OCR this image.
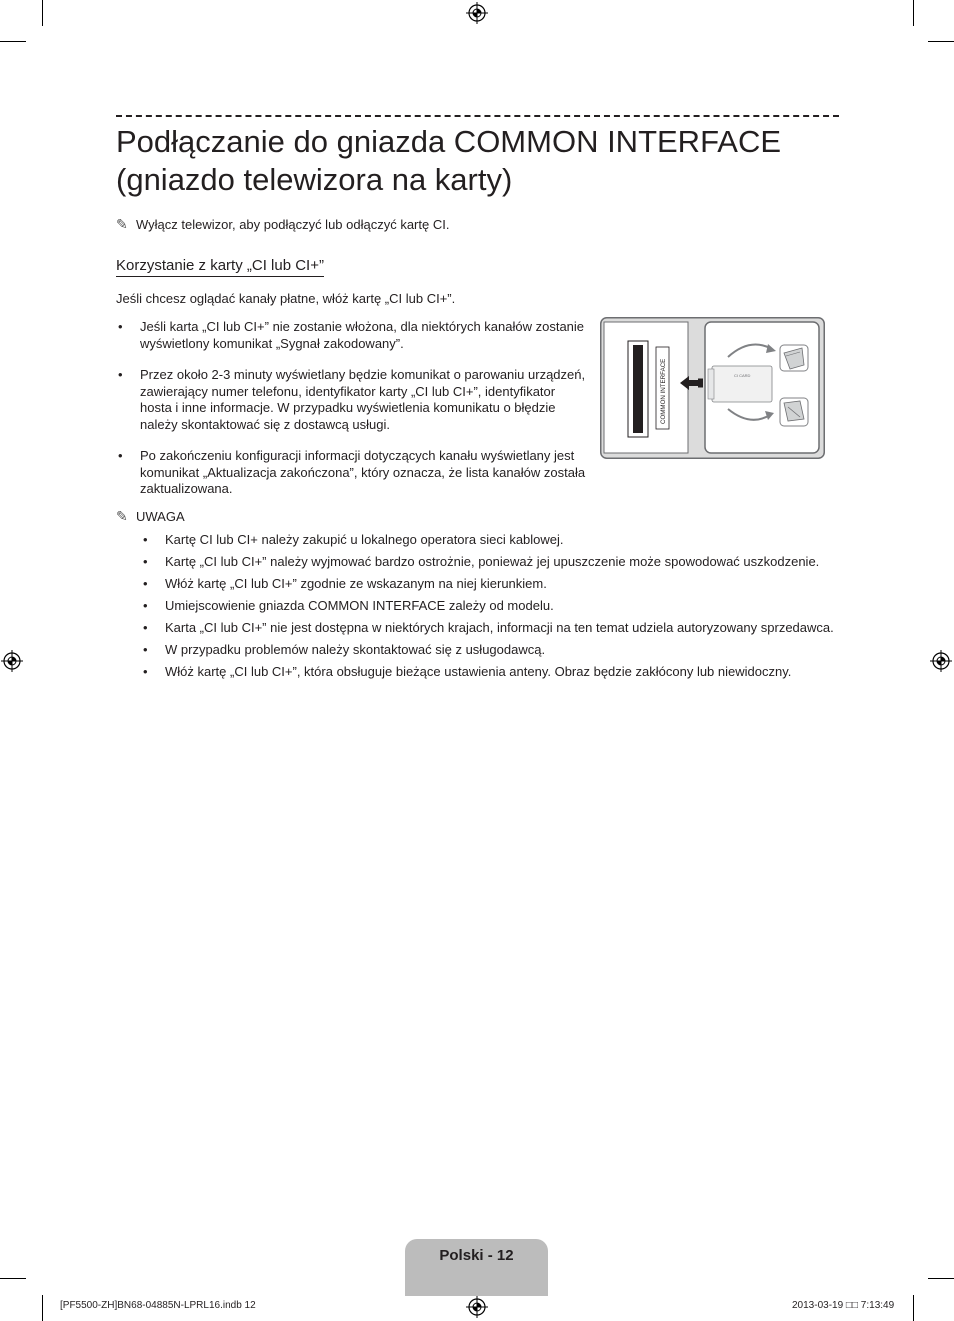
Podłączanie do gniazda COMMON INTERFACE
(gniazdo telewizora na karty)
✎ Wyłącz telewizor, aby podłączyć lub odłączyć kartę CI.
Korzystanie z karty „CI lub CI+”
Jeśli chcesz oglądać kanały płatne, włóż kartę „CI lub CI+”.
• Jeśli karta „CI lub CI+” nie zostanie włożona, dla niektórych kanałów zostanie wyświetlony komunikat „Sygnał zakodowany”.
• Przez około 2-3 minuty wyświetlany będzie komunikat o parowaniu urządzeń, zawierający numer telefonu, identyfikator karty „CI lub CI+”, identyfikator hosta i inne informacje. W przypadku wyświetlenia komunikatu o błędzie należy skontaktować się z dostawcą usługi.
• Po zakończeniu konfiguracji informacji dotyczących kanału wyświetlany jest komunikat „Aktualizacja zakończona”, który oznacza, że lista kanałów została zaktualizowana.
COMMON INTERFACE	CI CARD
✎ UWAGA
• Kartę CI lub CI+ należy zakupić u lokalnego operatora sieci kablowej.
• Kartę „CI lub CI+” należy wyjmować bardzo ostrożnie, ponieważ jej upuszczenie może spowodować uszkodzenie.
• Włóż kartę „CI lub CI+” zgodnie ze wskazanym na niej kierunkiem.
• Umiejscowienie gniazda COMMON INTERFACE zależy od modelu.
• Karta „CI lub CI+” nie jest dostępna w niektórych krajach, informacji na ten temat udziela autoryzowany sprzedawca.
• W przypadku problemów należy skontaktować się z usługodawcą.
• Włóż kartę „CI lub CI+”, która obsługuje bieżące ustawienia anteny. Obraz będzie zakłócony lub niewidoczny.
Polski - 12
[PF5500-ZH]BN68-04885N-LPRL16.indb 12	2013-03-19 □□ 7:13:49
